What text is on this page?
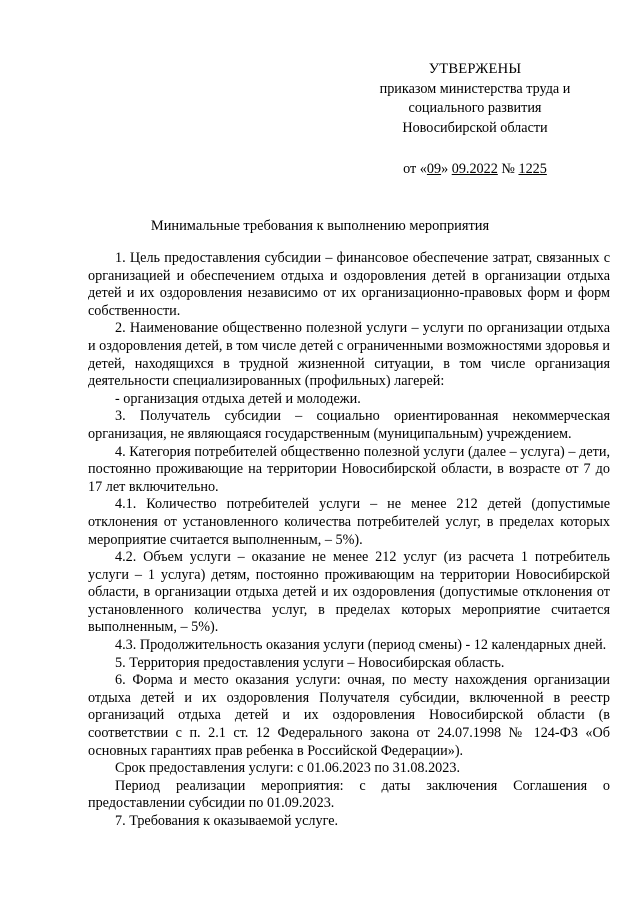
УТВЕРЖЕНЫ
приказом министерства труда и
социального развития
Новосибирской области
от «09» 09.2022 № 1225
Минимальные требования к выполнению мероприятия

1. Цель предоставления субсидии – финансовое обеспечение затрат, связанных с организацией и обеспечением отдыха и оздоровления детей в организации отдыха детей и их оздоровления независимо от их организационно-правовых форм и форм собственности.

2. Наименование общественно полезной услуги – услуги по организации отдыха и оздоровления детей, в том числе детей с ограниченными возможностями здоровья и детей, находящихся в трудной жизненной ситуации, в том числе организация деятельности специализированных (профильных) лагерей:

- организация отдыха детей и молодежи.

3. Получатель субсидии – социально ориентированная некоммерческая организация, не являющаяся государственным (муниципальным) учреждением.

4. Категория потребителей общественно полезной услуги (далее – услуга) – дети, постоянно проживающие на территории Новосибирской области, в возрасте от 7 до 17 лет включительно.

4.1. Количество потребителей услуги – не менее 212 детей (допустимые отклонения от установленного количества потребителей услуг, в пределах которых мероприятие считается выполненным, – 5%).

4.2. Объем услуги – оказание не менее 212 услуг (из расчета 1 потребитель услуги – 1 услуга) детям, постоянно проживающим на территории Новосибирской области, в организации отдыха детей и их оздоровления (допустимые отклонения от установленного количества услуг, в пределах которых мероприятие считается выполненным, – 5%).

4.3. Продолжительность оказания услуги (период смены) - 12 календарных дней.

5. Территория предоставления услуги – Новосибирская область.

6. Форма и место оказания услуги: очная, по месту нахождения организации отдыха детей и их оздоровления Получателя субсидии, включенной в реестр организаций отдыха детей и их оздоровления Новосибирской области (в соответствии с п. 2.1 ст. 12 Федерального закона от 24.07.1998 № 124-ФЗ «Об основных гарантиях прав ребенка в Российской Федерации»).

Срок предоставления услуги: с 01.06.2023 по 31.08.2023.

Период реализации мероприятия: с даты заключения Соглашения о предоставлении субсидии по 01.09.2023.

7. Требования к оказываемой услуге.
